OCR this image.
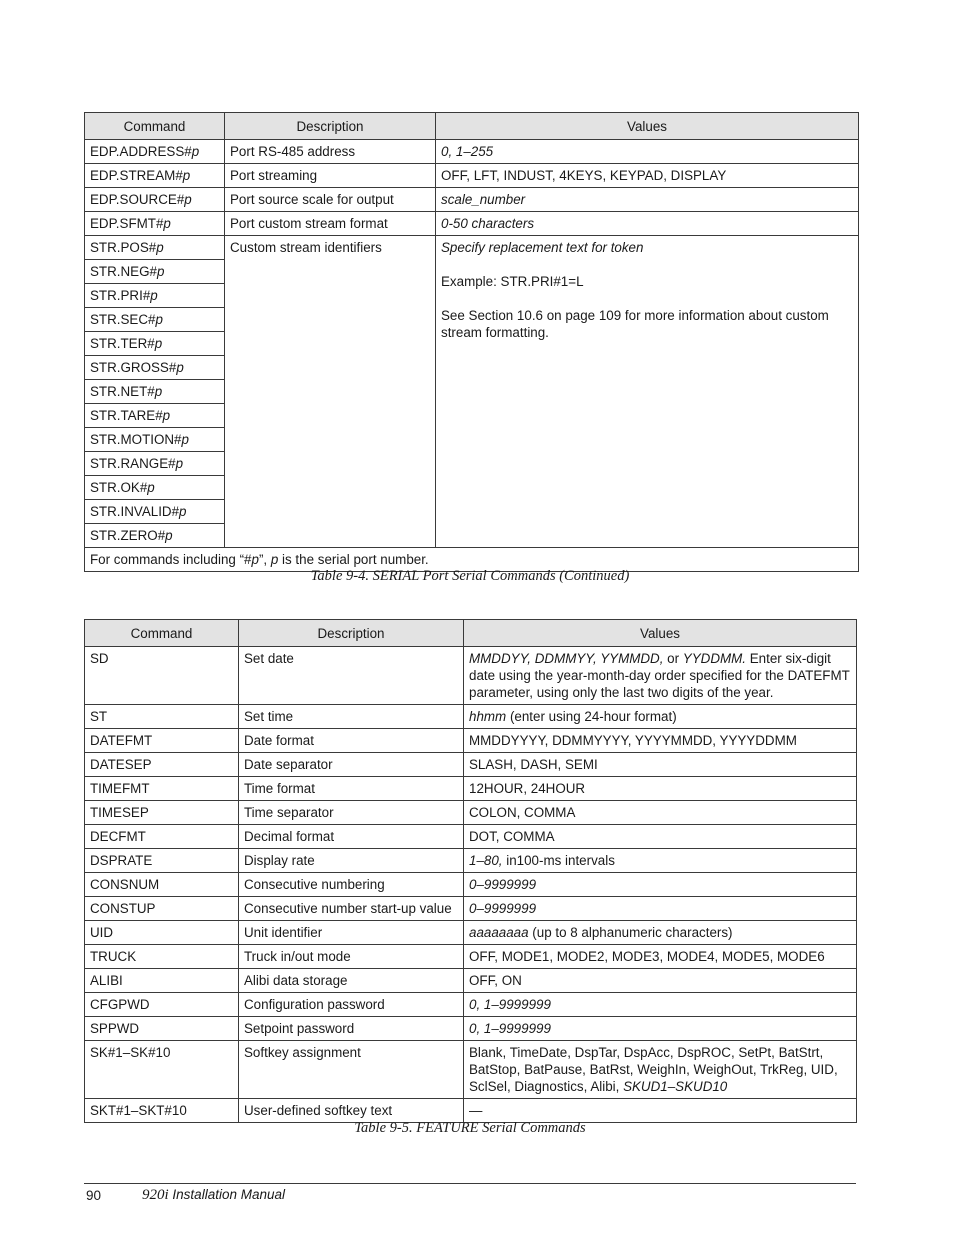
Command	Description	Values
EDP.ADDRESS#p	Port RS-485 address	0, 1–255
EDP.STREAM#p	Port streaming	OFF, LFT, INDUST, 4KEYS, KEYPAD, DISPLAY
EDP.SOURCE#p	Port source scale for output	scale_number
EDP.SFMT#p	Port custom stream format	0-50 characters
STR.POS#p	Custom stream identifiers	Specify replacement text for token
Example: STR.PRI#1=L
See Section 10.6 on page 109 for more information about custom stream formatting.

STR.NEG#p		
STR.PRI#p		
STR.SEC#p		
STR.TER#p		
STR.GROSS#p		
STR.NET#p		
STR.TARE#p		
STR.MOTION#p		
STR.RANGE#p		
STR.OK#p		
STR.INVALID#p		
STR.ZERO#p		
For commands including “#p”, p is the serial port number.		
Table 9-4. SERIAL Port Serial Commands (Continued)
Command	Description	Values
SD	Set date	MMDDYY, DDMMYY, YYMMDD, or YYDDMM. Enter six-digit date using the year-month-day order specified for the DATEFMT parameter, using only the last two digits of the year.
ST	Set time	hhmm (enter using 24-hour format)
DATEFMT	Date format	MMDDYYYY, DDMMYYYY, YYYYMMDD, YYYYDDMM
DATESEP	Date separator	SLASH, DASH, SEMI
TIMEFMT	Time format	12HOUR, 24HOUR
TIMESEP	Time separator	COLON, COMMA
DECFMT	Decimal format	DOT, COMMA
DSPRATE	Display rate	1–80, in100-ms intervals
CONSNUM	Consecutive numbering	0–9999999
CONSTUP	Consecutive number start-up value	0–9999999
UID	Unit identifier	aaaaaaaa (up to 8 alphanumeric characters)
TRUCK	Truck in/out mode	OFF, MODE1, MODE2, MODE3, MODE4, MODE5, MODE6
ALIBI	Alibi data storage	OFF, ON
CFGPWD	Configuration password	0, 1–9999999
SPPWD	Setpoint password	0, 1–9999999
SK#1–SK#10	Softkey assignment	Blank, TimeDate, DspTar, DspAcc, DspROC, SetPt, BatStrt, BatStop, BatPause, BatRst, WeighIn, WeighOut, TrkReg, UID, SclSel, Diagnostics, Alibi, SKUD1–SKUD10
SKT#1–SKT#10	User-defined softkey text	—
Table 9-5. FEATURE Serial Commands
90	920i Installation Manual
